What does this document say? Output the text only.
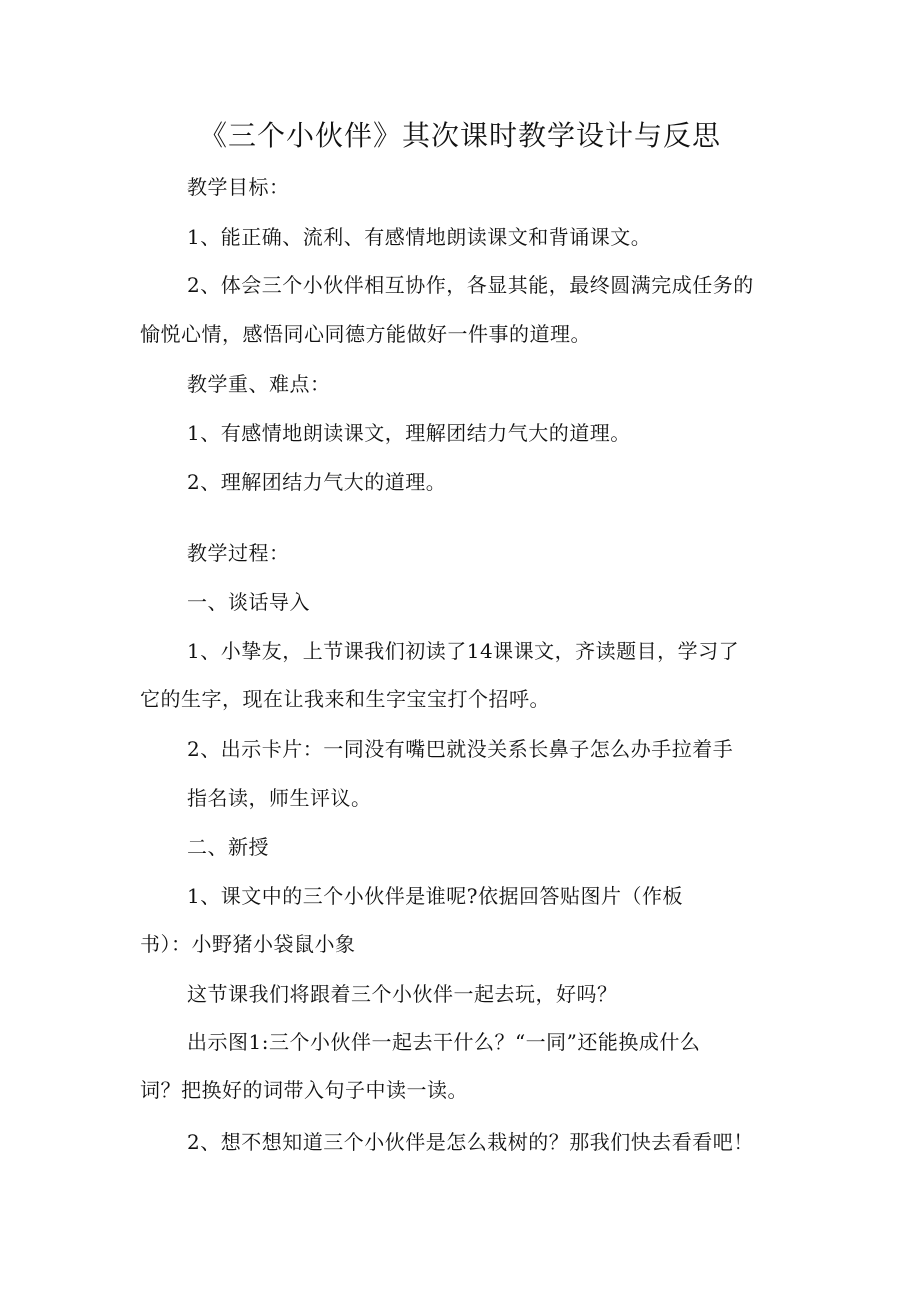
《三个小伙伴》其次课时教学设计与反思
教学目标：
1、能正确、流利、有感情地朗读课文和背诵课文。
2、体会三个小伙伴相互协作，各显其能，最终圆满完成任务的
愉悦心情，感悟同心同德方能做好一件事的道理。
教学重、难点：
1、有感情地朗读课文，理解团结力气大的道理。
2、理解团结力气大的道理。
教学过程：
一、谈话导入
1、小挚友，上节课我们初读了14课课文，齐读题目，学习了
它的生字，现在让我来和生字宝宝打个招呼。
2、出示卡片：一同没有嘴巴就没关系长鼻子怎么办手拉着手
指名读，师生评议。
二、新授
1、课文中的三个小伙伴是谁呢?依据回答贴图片（作板
书）：小野猪小袋鼠小象
这节课我们将跟着三个小伙伴一起去玩，好吗？
出示图1:三个小伙伴一起去干什么？“一同”还能换成什么
词？把换好的词带入句子中读一读。
2、想不想知道三个小伙伴是怎么栽树的？那我们快去看看吧！
